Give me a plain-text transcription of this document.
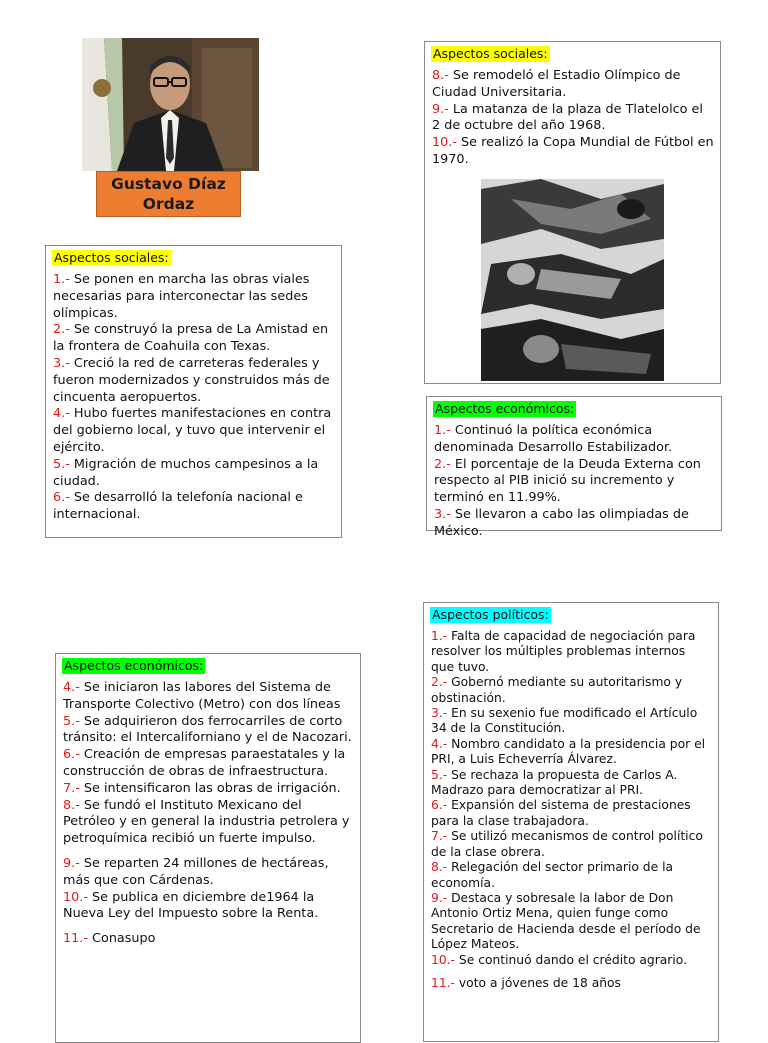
Gustavo Díaz Ordaz
Aspectos sociales:

1.- Se ponen en marcha las obras viales necesarias para interconectar las sedes olímpicas.

2.- Se construyó la presa de La Amistad en la frontera de Coahuila con Texas.

3.- Creció la red de carreteras federales y fueron modernizados y construidos más de cincuenta aeropuertos.

4.- Hubo fuertes manifestaciones en contra del gobierno local, y tuvo que intervenir el ejército.

5.- Migración de muchos campesinos a la ciudad.

6.- Se desarrolló la telefonía nacional e internacional.

Aspectos sociales:

8.- Se remodeló el Estadio Olímpico de Ciudad Universitaria.

9.- La matanza de la plaza de Tlatelolco el 2 de octubre del año 1968.

10.- Se realizó la Copa Mundial de Fútbol en 1970.

Aspectos económicos:

1.- Continuó la política económica denominada Desarrollo Estabilizador.

2.- El porcentaje de la Deuda Externa con respecto al PIB inició su incremento y terminó en 11.99%.

3.- Se llevaron a cabo las olimpiadas de México.

Aspectos económicos:

4.- Se iniciaron las labores del Sistema de Transporte Colectivo (Metro) con dos líneas

5.- Se adquirieron dos ferrocarriles de corto tránsito: el Intercaliforniano y el de Nacozari.

6.- Creación de empresas paraestatales y la construcción de obras de infraestructura.

7.- Se intensificaron las obras de irrigación.

8.- Se fundó el Instituto Mexicano del Petróleo y en general la industria petrolera y petroquímica recibió un fuerte impulso.

9.- Se reparten 24 millones de hectáreas, más que con Cárdenas.

10.- Se publica en diciembre de1964 la Nueva Ley del Impuesto sobre la Renta.

11.- Conasupo

Aspectos políticos:

1.- Falta de capacidad de negociación para resolver los múltiples problemas internos que tuvo.

2.- Gobernó mediante su autoritarismo y obstinación.

3.- En su sexenio fue modificado el Artículo 34 de la Constitución.

4.- Nombro candidato a la presidencia por el PRI, a Luis Echeverría Álvarez.

5.- Se rechaza la propuesta de Carlos A. Madrazo para democratizar al PRI.

6.- Expansión del sistema de prestaciones para la clase trabajadora.

7.- Se utilizó mecanismos de control político de la clase obrera.

8.- Relegación del sector primario de la economía.

9.- Destaca y sobresale la labor de Don Antonio Ortiz Mena, quien funge como Secretario de Hacienda desde el período de López Mateos.

10.- Se continuó dando el crédito agrario.

11.- voto a jóvenes de 18 años
